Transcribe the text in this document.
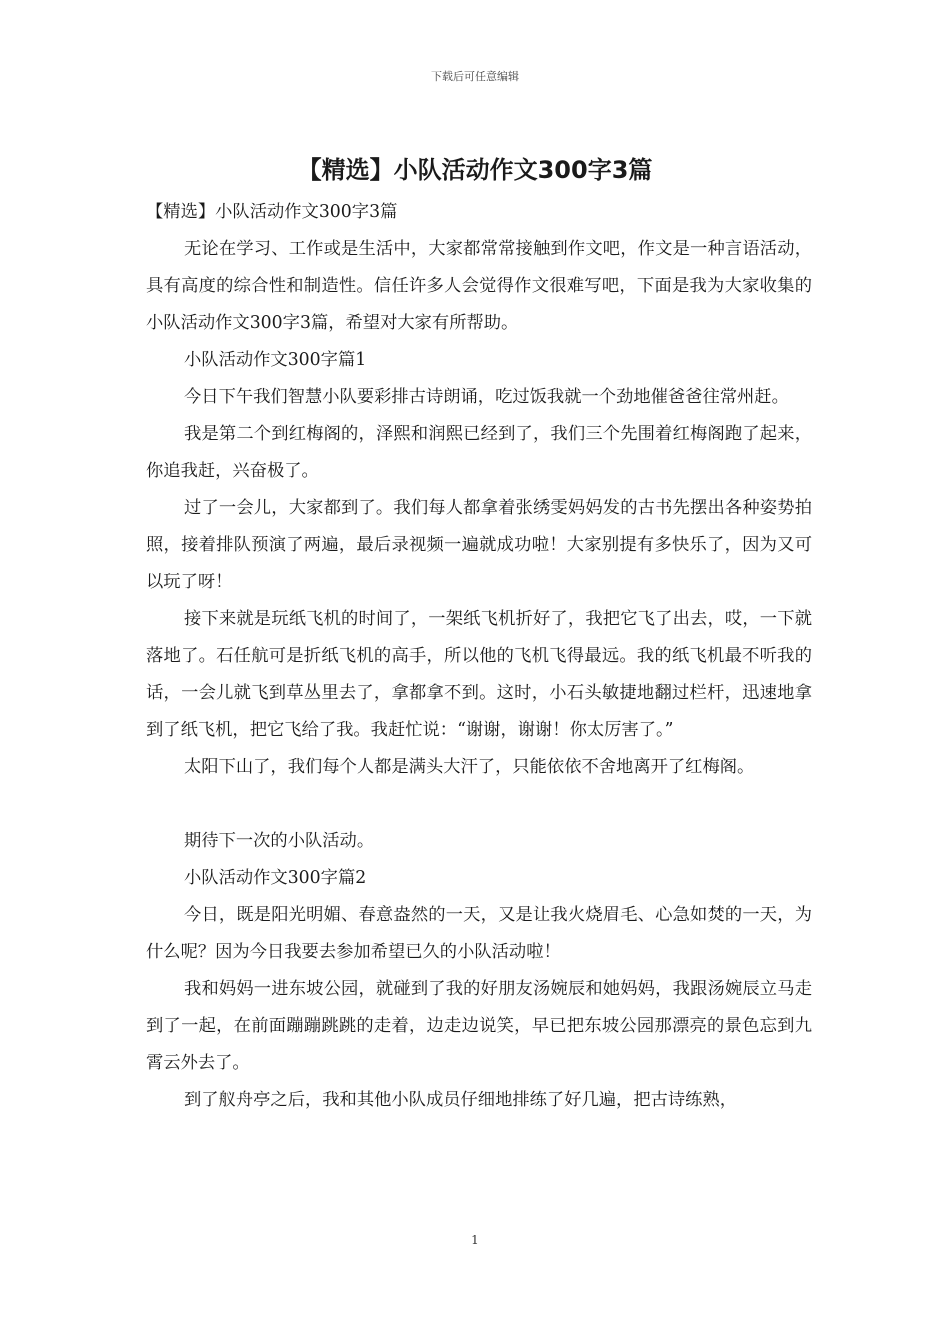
下载后可任意编辑
【精选】小队活动作文300字3篇

【精选】小队活动作文300字3篇

无论在学习、工作或是生活中，大家都常常接触到作文吧，作文是一种言语活动，具有高度的综合性和制造性。信任许多人会觉得作文很难写吧，下面是我为大家收集的小队活动作文300字3篇，希望对大家有所帮助。

小队活动作文300字篇1

今日下午我们智慧小队要彩排古诗朗诵，吃过饭我就一个劲地催爸爸往常州赶。

我是第二个到红梅阁的，泽熙和润熙已经到了，我们三个先围着红梅阁跑了起来，你追我赶，兴奋极了。

过了一会儿，大家都到了。我们每人都拿着张绣雯妈妈发的古书先摆出各种姿势拍照，接着排队预演了两遍，最后录视频一遍就成功啦！大家别提有多快乐了，因为又可以玩了呀！

接下来就是玩纸飞机的时间了，一架纸飞机折好了，我把它飞了出去，哎，一下就落地了。石任航可是折纸飞机的高手，所以他的飞机飞得最远。我的纸飞机最不听我的话，一会儿就飞到草丛里去了，拿都拿不到。这时，小石头敏捷地翻过栏杆，迅速地拿到了纸飞机，把它飞给了我。我赶忙说：“谢谢，谢谢！你太厉害了。”

太阳下山了，我们每个人都是满头大汗了，只能依依不舍地离开了红梅阁。

期待下一次的小队活动。

小队活动作文300字篇2

今日，既是阳光明媚、春意盎然的一天，又是让我火烧眉毛、心急如焚的一天，为什么呢？因为今日我要去参加希望已久的小队活动啦！

我和妈妈一进东坡公园，就碰到了我的好朋友汤婉辰和她妈妈，我跟汤婉辰立马走到了一起，在前面蹦蹦跳跳的走着，边走边说笑，早已把东坡公园那漂亮的景色忘到九霄云外去了。

到了舣舟亭之后，我和其他小队成员仔细地排练了好几遍，把古诗练熟，

1
